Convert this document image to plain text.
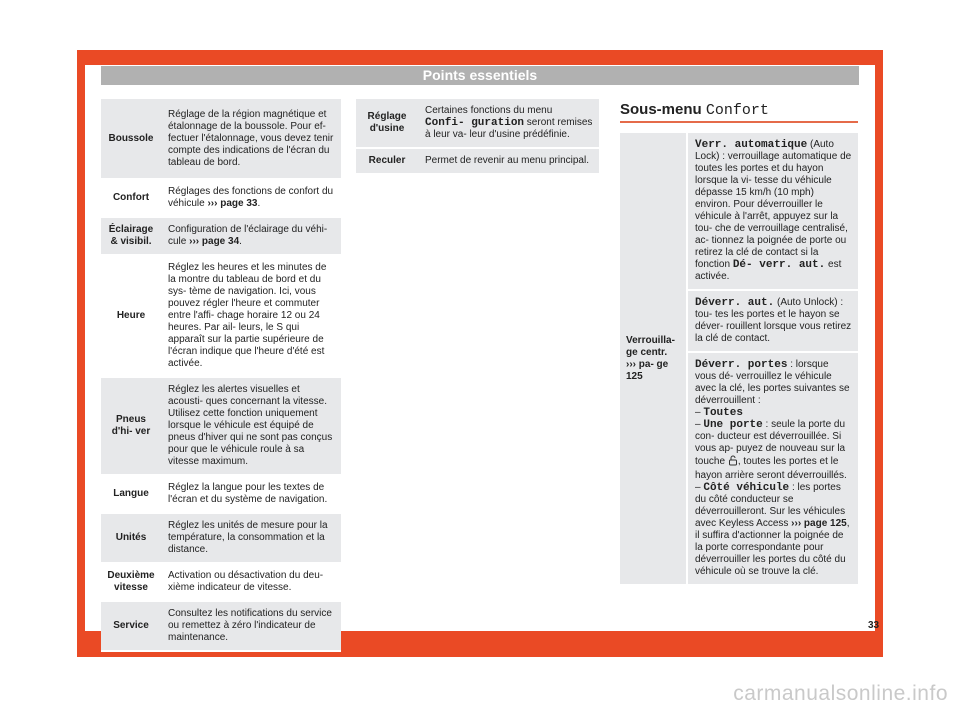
Points essentiels
Boussole	Réglage de la région magnétique et étalonnage de la boussole. Pour ef- fectuer l'étalonnage, vous devez tenir compte des indications de l'écran du tableau de bord.
Confort	Réglages des fonctions de confort du véhicule ››› page 33.
Éclairage & visibil.	Configuration de l'éclairage du véhi- cule ››› page 34.
Heure	Réglez les heures et les minutes de la montre du tableau de bord et du sys- tème de navigation. Ici, vous pouvez régler l'heure et commuter entre l'affi- chage horaire 12 ou 24 heures. Par ail- leurs, le S qui apparaît sur la partie supérieure de l'écran indique que l'heure d'été est activée.
Pneus d'hi- ver	Réglez les alertes visuelles et acousti- ques concernant la vitesse. Utilisez cette fonction uniquement lorsque le véhicule est équipé de pneus d'hiver qui ne sont pas conçus pour que le véhicule roule à sa vitesse maximum.
Langue	Réglez la langue pour les textes de l'écran et du système de navigation.
Unités	Réglez les unités de mesure pour la température, la consommation et la distance.
Deuxième vitesse	Activation ou désactivation du deu- xième indicateur de vitesse.
Service	Consultez les notifications du service ou remettez à zéro l'indicateur de maintenance.
Réglage d'usine	Certaines fonctions du menu Confi- guration seront remises à leur va- leur d'usine prédéfinie.
Reculer	Permet de revenir au menu principal.
Sous-menu Confort
Verrouilla- ge centr.
››› pa- ge 125	Verr. automatique (Auto Lock) : verrouillage automatique de toutes les portes et du hayon lorsque la vi- tesse du véhicule dépasse 15 km/h (10 mph) environ. Pour déverrouiller le véhicule à l'arrêt, appuyez sur la tou- che de verrouillage centralisé, ac- tionnez la poignée de porte ou retirez la clé de contact si la fonction Dé- verr. aut. est activée.
Déverr. aut. (Auto Unlock) : tou- tes les portes et le hayon se déver- rouillent lorsque vous retirez la clé de contact.
Déverr. portes : lorsque vous dé- verrouillez le véhicule avec la clé, les portes suivantes se déverrouillent :
– Toutes
– Une porte : seule la porte du con- ducteur est déverrouillée. Si vous ap- puyez de nouveau sur la touche , toutes les portes et le hayon arrière seront déverrouillés.
– Côté véhicule : les portes du côté conducteur se déverrouilleront. Sur les véhicules avec Keyless Access ››› page 125, il suffira d'actionner la poignée de la porte correspondante pour déverrouiller les portes du côté du véhicule où se trouve la clé.
»
33
carmanualsonline.info
